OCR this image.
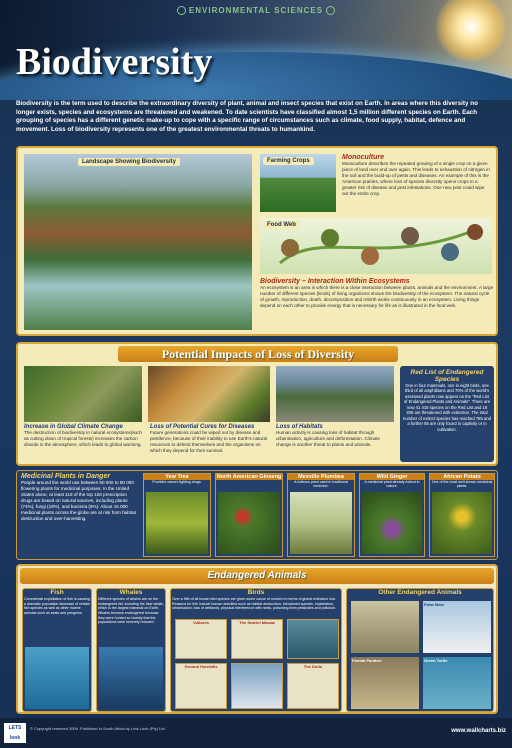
ENVIRONMENTAL SCIENCES
Biodiversity
Biodiversity is the term used to describe the extraordinary diversity of plant, animal and insect species that exist on Earth. In areas where this diversity no longer exists, species and ecosystems are threatened and weakened. To date scientists have classified almost 1,5 million different species on Earth. Each grouping of species has a different genetic make-up to cope with a specific range of circumstances such as climate, food supply, habitat, defence and movement. Loss of biodiversity represents one of the greatest environmental threats to humankind.
Landscape Showing Biodiversity	Farming Crops	Monoculture
Monoculture describes the repeated growing of a single crop on a given piece of land over and over again. This leads to exhaustion of nitrogen in the soil and the build-up of pests and diseases. An example of this is the American prairies, where loss of species diversity opens crops to a greater risk of disease and pest infestations. One new pest could wipe out the entire crop.
Food Web
Biodiversity – Interaction Within Ecosystems
An ecosystem is an area in which there is a close interaction between plants, animals and the environment. A large number of different species (kinds) of living organisms shows the biodiversity of the ecosystem. The natural cycle of growth, reproduction, death, decomposition and rebirth works continuously in an ecosystem. Living things depend on each other to provide energy that is necessary for life as is illustrated in the food web.
Potential Impacts of Loss of Diversity
Increase in Global Climate Change
The destruction of biodiversity in natural ecosystems(such as cutting down of tropical forests) increases the carbon dioxide in the atmosphere, which leads to global warming.
Loss of Potential Cures for Diseases
Future generations could be wiped out by disease and pestilence, because of their inability to use Earth's natural resources to defend themselves and the organisms on which they depend for their survival.
Loss of Habitats
Human activity is causing loss of habitat through urbanisation, agriculture and deforestation. Climate change is another threat to plants and animals.
Red List of Endangered Species
One in four mammals, one in eight birds, one third of all amphibians and 70% of the world's assessed plants now appear on the "Red List of Endangered Plants and Animals". There are now 41 415 species on the Red List and 16 306 are threatened with extinction. The total number of extinct species has reached 785 and a further 65 are only found in captivity or in cultivation.
Medicinal Plants in Danger
People around the world use between 50 000 to 80 000 flowering plants for medicinal purposes. In the United States alone, at least 118 of the top 150 prescription drugs are based on natural sources, including plants (74%), fungi (18%), and bacteria (5%). About 15 000 medicinal plants across the globe are at risk from habitat destruction and over-harvesting.
Yew Tree
Provides cancer-fighting drugs.
North American Ginseng	Mexville Plumbea
A bulbous plant used in traditional medicine.
Wild Ginger
A medicinal plant already extinct in nature.
African Potato
One of the most well-known medicinal plants.
Endangered Animals
Fish
Commercial exploitation of fish is causing a dramatic population decrease of certain fish species as well as other marine animals such as seals and penguins.
Whales
Different species of whales are on the endangered list, including the blue whale, which is the largest mammal on Earth. Whales became endangered because they were hunted so heavily that the populations were severely reduced.
Birds
Over a fifth of all known bird species are given some cause of concern in terms of global extinction risk. Reasons for this include human activities such as habitat destruction, introduced species, exploitation, urbanisation, loss of wetlands, physical interference with nests, poisoning from pesticides and pollution.
Vultures	The Scarlet Macaw
Ground Hornbills	The Dodo
Other Endangered Animals
Polar Bear
Florida Panther	Green Turtle
LETS
look
© Copyright reserved 2009. Published in South Africa by Lets Look (Pty) Ltd.	www.wallcharts.biz
